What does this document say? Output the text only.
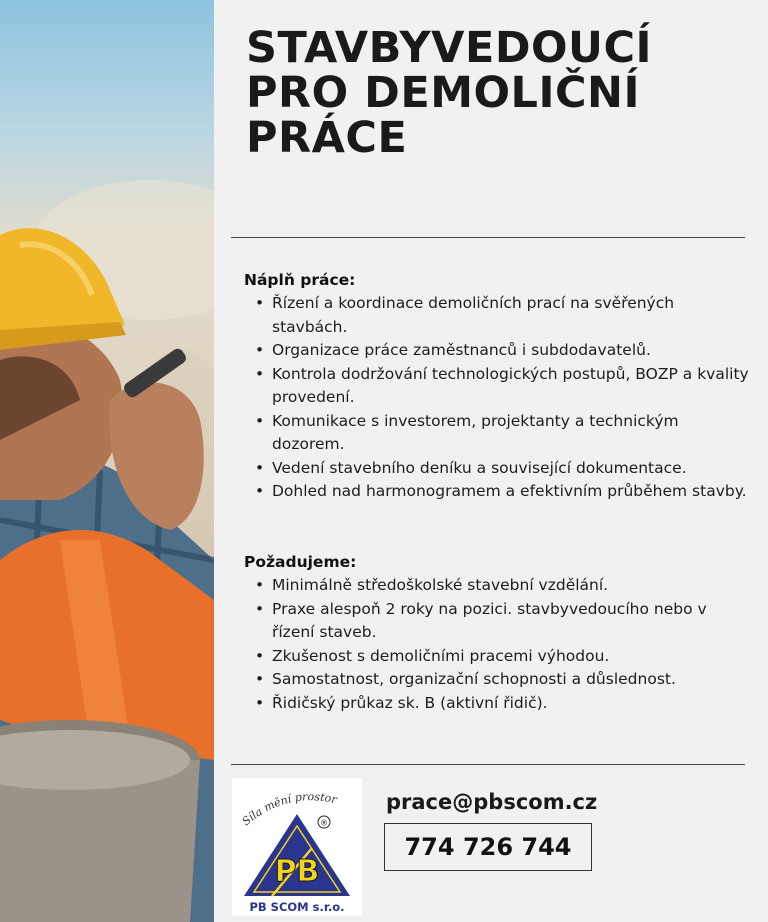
STAVBYVEDOUCÍ
PRO DEMOLIČNÍ
PRÁCE

Náplň práce:

• Řízení a koordinace demoličních prací na svěřených stavbách.
• Organizace práce zaměstnanců i subdodavatelů.
• Kontrola dodržování technologických postupů, BOZP a kvality provedení.
• Komunikace s investorem, projektanty a technickým dozorem.
• Vedení stavebního deníku a související dokumentace.
• Dohled nad harmonogramem a efektivním průběhem stavby.

Požadujeme:

• Minimálně středoškolské stavební vzdělání.
• Praxe alespoň 2 roky na pozici. stavbyvedoucího nebo v řízení staveb.
• Zkušenost s demoličními pracemi výhodou.
• Samostatnost, organizační schopnosti a důslednost.
• Řidičský průkaz sk. B (aktivní řidič).
Síla mění prostor
PB
®
PB SCOM s.r.o.
prace@pbscom.cz
774 726 744
